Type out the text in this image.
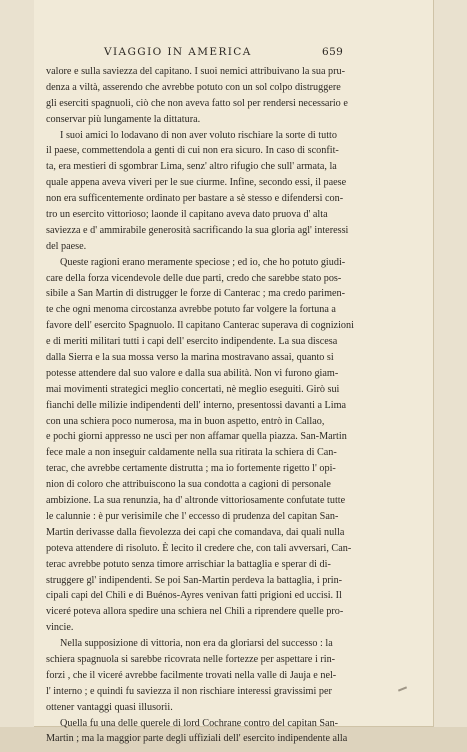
VIAGGIO IN AMERICA	659
valore e sulla saviezza del capitano. I suoi nemici attribuivano la sua pru-
denza a viltà, asserendo che avrebbe potuto con un sol colpo distruggere
gli eserciti spagnuoli, ciò che non aveva fatto sol per rendersi necessario e
conservar più lungamente la dittatura.
I suoi amici lo lodavano di non aver voluto rischiare la sorte di tutto
il paese, commettendola a genti di cui non era sicuro. In caso di sconfit-
ta, era mestieri di sgombrar Lima, senz' altro rifugio che sull' armata, la
quale appena aveva viveri per le sue ciurme. Infine, secondo essi, il paese
non era sufficentemente ordinato per bastare a sè stesso e difendersi con-
tro un esercito vittorioso; laonde il capitano aveva dato pruova d' alta
saviezza e d' ammirabile generosità sacrificando la sua gloria agl' interessi
del paese.
Queste ragioni erano meramente speciose ; ed io, che ho potuto giudi-
care della forza vicendevole delle due parti, credo che sarebbe stato pos-
sibile a San Martin di distrugger le forze di Canterac ; ma credo parimen-
te che ogni menoma circostanza avrebbe potuto far volgere la fortuna a
favore dell' esercito Spagnuolo. Il capitano Canterac superava di cognizioni
e di meriti militari tutti i capi dell' esercito indipendente. La sua discesa
dalla Sierra e la sua mossa verso la marina mostravano assai, quanto si
potesse attendere dal suo valore e dalla sua abilità. Non vi furono giam-
mai movimenti strategici meglio concertati, nè meglio eseguiti. Girò sui
fianchi delle milizie indipendenti dell' interno, presentossi davanti a Lima
con una schiera poco numerosa, ma in buon aspetto, entrò in Callao,
e pochi giorni appresso ne uscì per non affamar quella piazza. San-Martin
fece male a non inseguir caldamente nella sua ritirata la schiera di Can-
terac, che avrebbe certamente distrutta ; ma io fortemente rigetto l' opi-
nion di coloro che attribuiscono la sua condotta a cagioni di personale
ambizione. La sua renunzia, ha d' altronde vittoriosamente confutate tutte
le calunnie : è pur verisimile che l' eccesso di prudenza del capitan San-
Martin derivasse dalla fievolezza dei capi che comandava, dai quali nulla
poteva attendere di risoluto. È lecito il credere che, con tali avversari, Can-
terac avrebbe potuto senza timore arrischiar la battaglia e sperar di di-
struggere gl' indipendenti. Se poi San-Martin perdeva la battaglia, i prin-
cipali capi del Chilì e di Buénos-Ayres venivan fatti prigioni ed uccisi. Il
viceré poteva allora spedire una schiera nel Chilì a riprendere quelle pro-
vincie.
Nella supposizione di vittoria, non era da gloriarsi del successo : la
schiera spagnuola si sarebbe ricovrata nelle fortezze per aspettare i rin-
forzi , che il viceré avrebbe facilmente trovati nella valle di Jauja e nel-
l' interno ; e quindi fu saviezza il non rischiare interessi gravissimi per
ottener vantaggi quasi illusorii.
Quella fu una delle querele di lord Cochrane contro del capitan San-
Martin ; ma la maggior parte degli uffiziali dell' esercito indipendente alla
